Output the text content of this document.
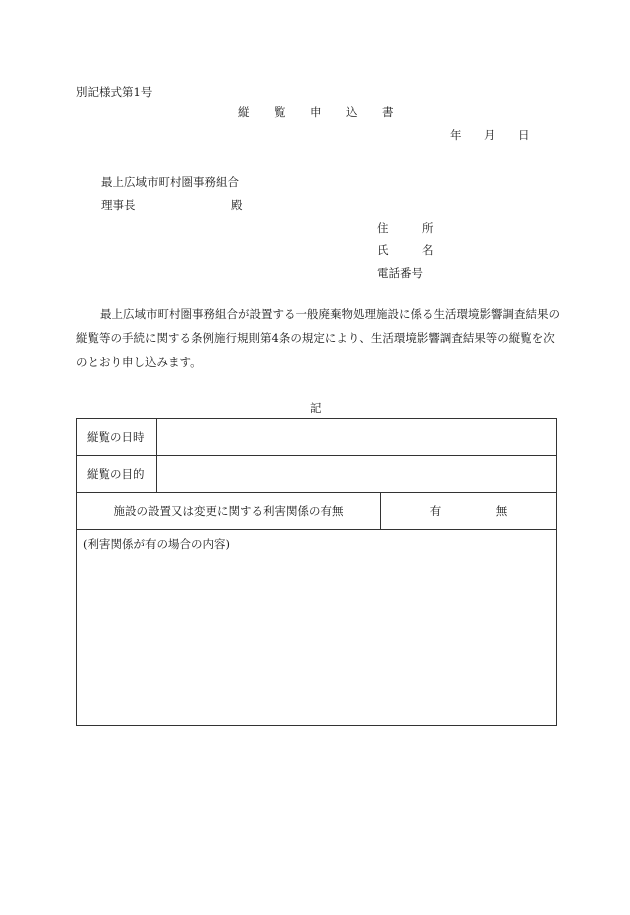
別記様式第1号
縦 覧 申 込 書
年 月 日
最上広域市町村圏事務組合
理事長	殿
住	所
氏	名
電話番号
最上広域市町村圏事務組合が設置する一般廃棄物処理施設に係る生活環境影響調査結果の縦覧等の手続に関する条例施行規則第4条の規定により、生活環境影響調査結果等の縦覧を次のとおり申し込みます。
記
縦覧の日時		
縦覧の目的		
施設の設置又は変更に関する利害関係の有無		有 無
(利害関係が有の場合の内容)		
